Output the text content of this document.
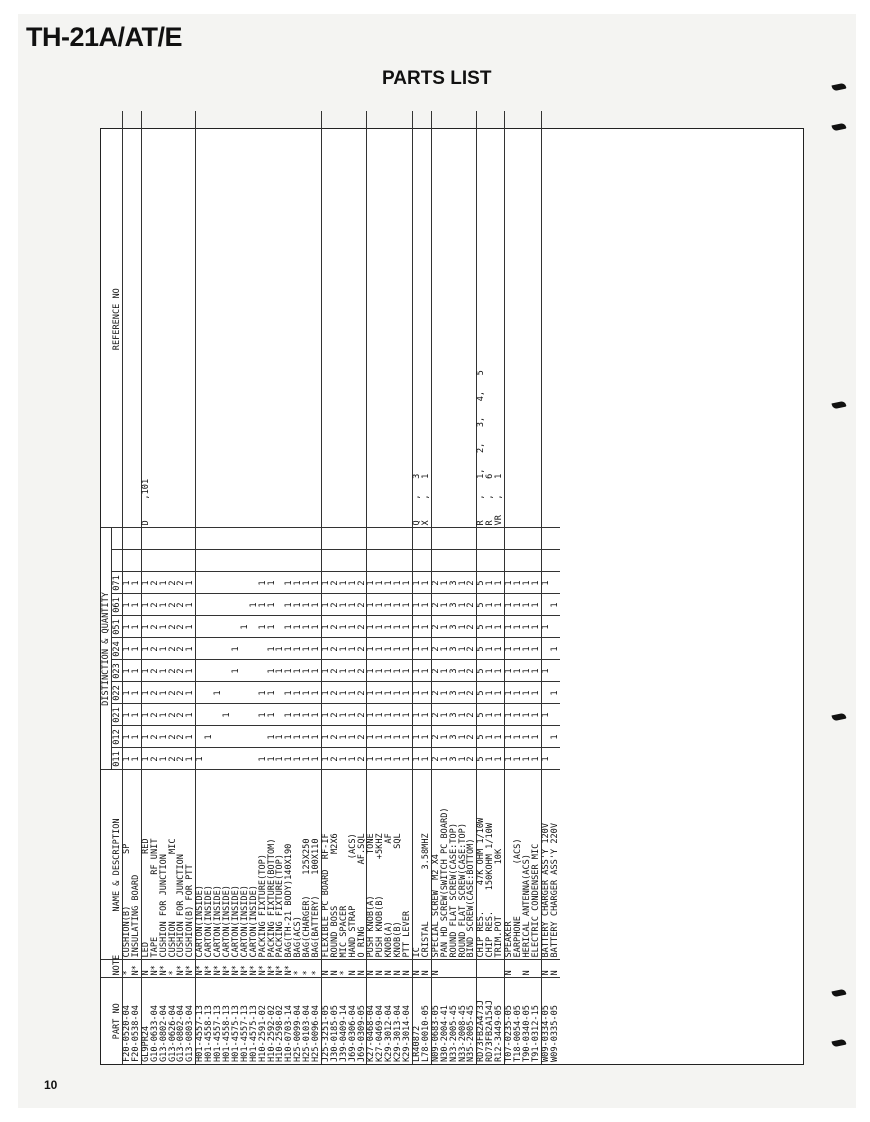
TH-21A/AT/E
PARTS LIST
			DISTINCTION & QUANTITY											
PART NO	NOTE	NAME & DESCRIPTION	011	012	021	022	023	024	051	061	071			REFERENCE NO
F20-0520-04	*	CUSHION(B)          SP	1	1	1	1	1	1	1	1	1			
F20-0538-04	N*	INSULATING BOARD	1	1	1	1	1	1	1	1	1			
GL9PR24	N	LED                 RED	1	1	1	1	1	1	1	1	1			D    ,101
G10-0633-04	N*	TAPE            RF UNIT	2	2	2	2	2	2	2	2	2			
G13-0802-04	N*	CUSHION FOR JUNCTION	1	1	1	1	1	1	1	1	1			
G13-0626-04	*	CUSHION             MIC	2	2	2	2	2	2	2	2	2			
G13-0802-04	N*	CUSHION FOR JUNCTION	2	2	2	2	2	2	2	2	2			
G13-0803-04	N*	CUSHION(B) FOR PTT	1	1	1	1	1	1	1	1	1			
H01-4557-13	N*	CARTON(INSIDE)	1											
H01-4558-13	N*	CARTON(INSIDE)		1										
H01-4557-13	N*	CARTON(INSIDE)				1								
H01-4558-13	N*	CARTON(INSIDE)			1									
H01-4575-13	N*	CARTON(INSIDE)					1	1						
H01-4557-13	N*	CARTON(INSIDE)							1					
H01-4575-13	N*	CARTON(INSIDE)								1				
H10-2591-02	N*	PACKING FIXTURE(TOP)	1		1	1			1	1	1			
H10-2592-02	N*	PACKING FIXTURE(BOTTOM)	1	1	1	1	1	1	1	1	1			
H10-2598-02	N*	PACKING FIXTURE(TOP)	1	1			1	1						
H10-0703-14	N*	BAG(TH-21 BODY)140X190	1	1	1	1	1	1	1	1	1			
H25-0099-04	*	BAG(ACS)	1	1	1	1	1	1	1	1	1			
H25-0103-04	*	BAG(CHARGER)    125X250	1	1	1	1	1	1	1	1	1			
H25-0096-04	*	BAG(BATTERY)    100X110	1	1	1	1	1	1	1	1	1			
J25-3251-05	N	FLEXIBLE PC BOARD  RF-IF	1	1	1	1	1	1	1	1	1			
J30-0185-05	N	ROUND BOSS          M2X6	2	2	2	2	2	2	2	2	2			
J39-0409-14	*	MIC SPACER	1	1	1	1	1	1	1	1	1			
J69-0306-04	N	HAND STRAP         (ACS)	1	1	1	1	1	1	1	1	1			
J69-0309-05	N	O RING            AF.SQL	2	2	2	2	2	2	2	2	2			
K27-0468-04	N	PUSH KNOB(A)        TONE	1	1	1	1	1	1	1	1	1			
K27-0469-04	N	PUSH KNOB(B)       +5KHZ	1	1	1	1	1	1	1	1	1			
K29-3012-04	N	KNOB(A)               AF	1	1	1	1	1	1	1	1	1			
K29-3013-04	N	KNOB(B)              SQL	1	1	1	1	1	1	1	1	1			
K29-3014-04	N	PTT LEVER	1	1	1	1	1	1	1	1	1			
LR40872	N	IC	1	1	1	1	1	1	1	1	1			Q    ,   3
L78-0010-05	N	CRISTAL          3.58MHZ	1	1	1	1	1	1	1	1	1			X    ,   1
N09-0683-05	N	SPECIAL SCREW  M2 X4	2	2	2	2	2	2	2	2	2			
N30-2004-41		PAN HD SCREW(SWITCH PC BOARD)	1	1	1	1	1	1	1	1	1			
N33-2005-45		ROUND FLAT SCREW(CASE:TOP)	3	3	3	3	3	3	3	3	3			
N33-2008-45		ROUND FLAT SCREW(CASE:TOP)	1	1	1	1	1	1	1	1	1			
N35-2005-45		BIND SCREW(CASE:BOTTOM)	2	2	2	2	2	2	2	2	2			
RD73FB2A473J		CHIP RES.     47K OHM 1/10W	5	5	5	5	5	5	5	5	5			R    ,   1,   2,   3,   4,   5
RD73FB2A154J		CHIP RES.    150KOHM 1/10W	1	1	1	1	1	1	1	1	1			R    ,   6
R12-3449-05		TRIM.POT          10K	1	1	1	1	1	1	1	1	1			VR   ,   1
T07-0235-05	N	SPEAKER	1	1	1	1	1	1	1	1	1			
T18-0054-05		EARPHONE          (ACS)	1	1	1	1	1	1	1	1	1			
T90-0340-05	N	HERICAL ANTENNA(ACS)	1	1	1	1	1	1	1	1	1			
T91-0312-15		ELECTRIC CONDENSER MIC	1	1	1	1	1	1	1	1	1			
W09-0334-05	N	BATTERY CHARGER ASS'Y 120V	1		1		1		1		1			
W09-0335-05	N	BATTERY CHARGER ASS'Y 220V		1		1		1		1				
10
